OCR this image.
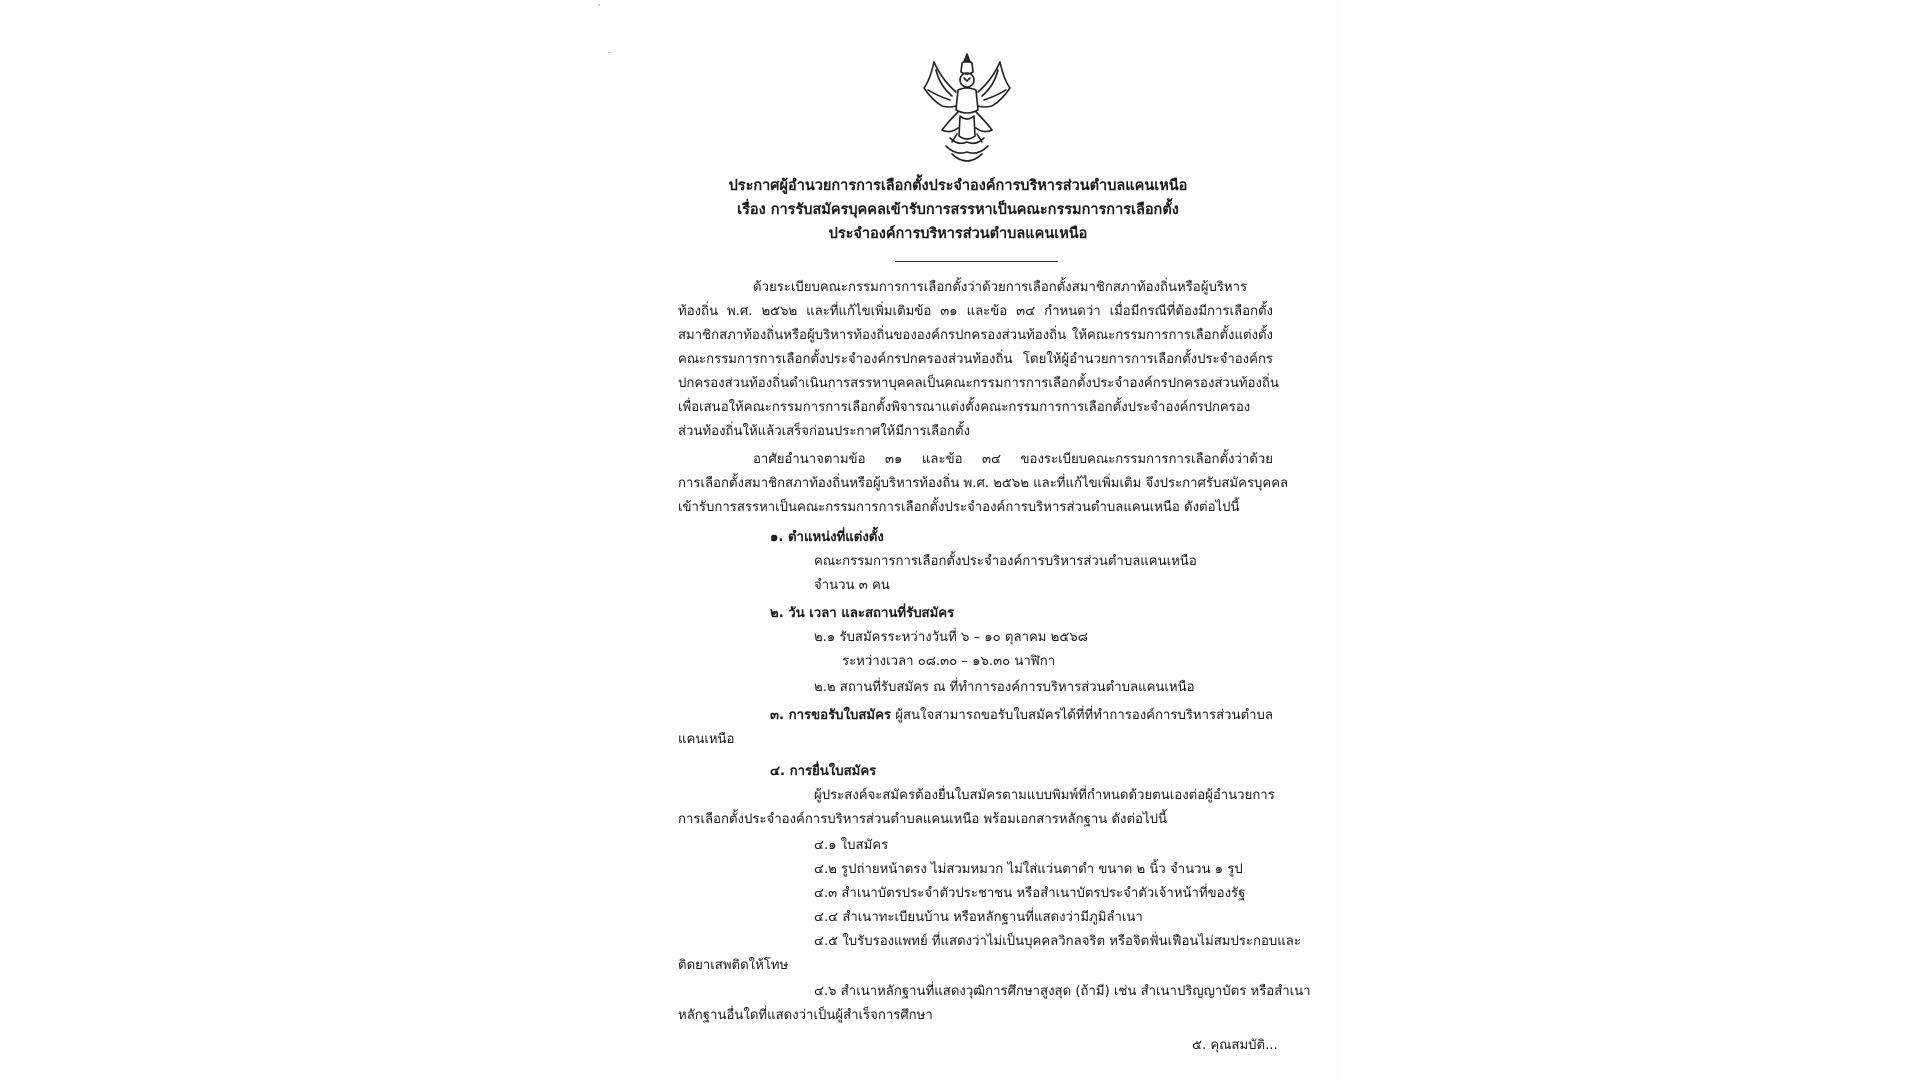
ประกาศผู้อำนวยการการเลือกตั้งประจำองค์การบริหารส่วนตำบลแคนเหนือ
เรื่อง การรับสมัครบุคคลเข้ารับการสรรหาเป็นคณะกรรมการการเลือกตั้ง
ประจำองค์การบริหารส่วนตำบลแคนเหนือ
ด้วยระเบียบคณะกรรมการการเลือกตั้งว่าด้วยการเลือกตั้งสมาชิกสภาท้องถิ่นหรือผู้บริหาร
ท้องถิ่น พ.ศ. ๒๕๖๒ และที่แก้ไขเพิ่มเติมข้อ ๓๑ และข้อ ๓๔ กำหนดว่า เมื่อมีกรณีที่ต้องมีการเลือกตั้ง
สมาชิกสภาท้องถิ่นหรือผู้บริหารท้องถิ่นขององค์กรปกครองส่วนท้องถิ่น ให้คณะกรรมการการเลือกตั้งแต่งตั้ง
คณะกรรมการการเลือกตั้งประจำองค์กรปกครองส่วนท้องถิ่น โดยให้ผู้อำนวยการการเลือกตั้งประจำองค์กร
ปกครองส่วนท้องถิ่นดำเนินการสรรหาบุคคลเป็นคณะกรรมการการเลือกตั้งประจำองค์กรปกครองส่วนท้องถิ่น
เพื่อเสนอให้คณะกรรมการการเลือกตั้งพิจารณาแต่งตั้งคณะกรรมการการเลือกตั้งประจำองค์กรปกครอง
ส่วนท้องถิ่นให้แล้วเสร็จก่อนประกาศให้มีการเลือกตั้ง
อาศัยอำนาจตามข้อ ๓๑ และข้อ ๓๔ ของระเบียบคณะกรรมการการเลือกตั้งว่าด้วย
การเลือกตั้งสมาชิกสภาท้องถิ่นหรือผู้บริหารท้องถิ่น พ.ศ. ๒๕๖๒ และที่แก้ไขเพิ่มเติม จึงประกาศรับสมัครบุคคล
เข้ารับการสรรหาเป็นคณะกรรมการการเลือกตั้งประจำองค์การบริหารส่วนตำบลแคนเหนือ ดังต่อไปนี้
๑. ตำแหน่งที่แต่งตั้ง
คณะกรรมการการเลือกตั้งประจำองค์การบริหารส่วนตำบลแคนเหนือ
จำนวน ๓ คน
๒. วัน เวลา และสถานที่รับสมัคร
๒.๑ รับสมัครระหว่างวันที่ ๖ – ๑๐ ตุลาคม ๒๕๖๘
ระหว่างเวลา ๐๘.๓๐ – ๑๖.๓๐ นาฬิกา
๒.๒ สถานที่รับสมัคร ณ ที่ทำการองค์การบริหารส่วนตำบลแคนเหนือ
๓. การขอรับใบสมัคร ผู้สนใจสามารถขอรับใบสมัครได้ที่ที่ทำการองค์การบริหารส่วนตำบล
แคนเหนือ
๔. การยื่นใบสมัคร
ผู้ประสงค์จะสมัครต้องยื่นใบสมัครตามแบบพิมพ์ที่กำหนดด้วยตนเองต่อผู้อำนวยการ
การเลือกตั้งประจำองค์การบริหารส่วนตำบลแคนเหนือ พร้อมเอกสารหลักฐาน ดังต่อไปนี้
๔.๑ ใบสมัคร
๔.๒ รูปถ่ายหน้าตรง ไม่สวมหมวก ไม่ใส่แว่นตาดำ ขนาด ๒ นิ้ว จำนวน ๑ รูป
๔.๓ สำเนาบัตรประจำตัวประชาชน หรือสำเนาบัตรประจำตัวเจ้าหน้าที่ของรัฐ
๔.๔ สำเนาทะเบียนบ้าน หรือหลักฐานที่แสดงว่ามีภูมิลำเนา
๔.๕ ใบรับรองแพทย์ ที่แสดงว่าไม่เป็นบุคคลวิกลจริต หรือจิตฟั่นเฟือนไม่สมประกอบและ
ติดยาเสพติดให้โทษ
๔.๖ สำเนาหลักฐานที่แสดงวุฒิการศึกษาสูงสุด (ถ้ามี) เช่น สำเนาปริญญาบัตร หรือสำเนา
หลักฐานอื่นใดที่แสดงว่าเป็นผู้สำเร็จการศึกษา
๕. คุณสมบัติ...
